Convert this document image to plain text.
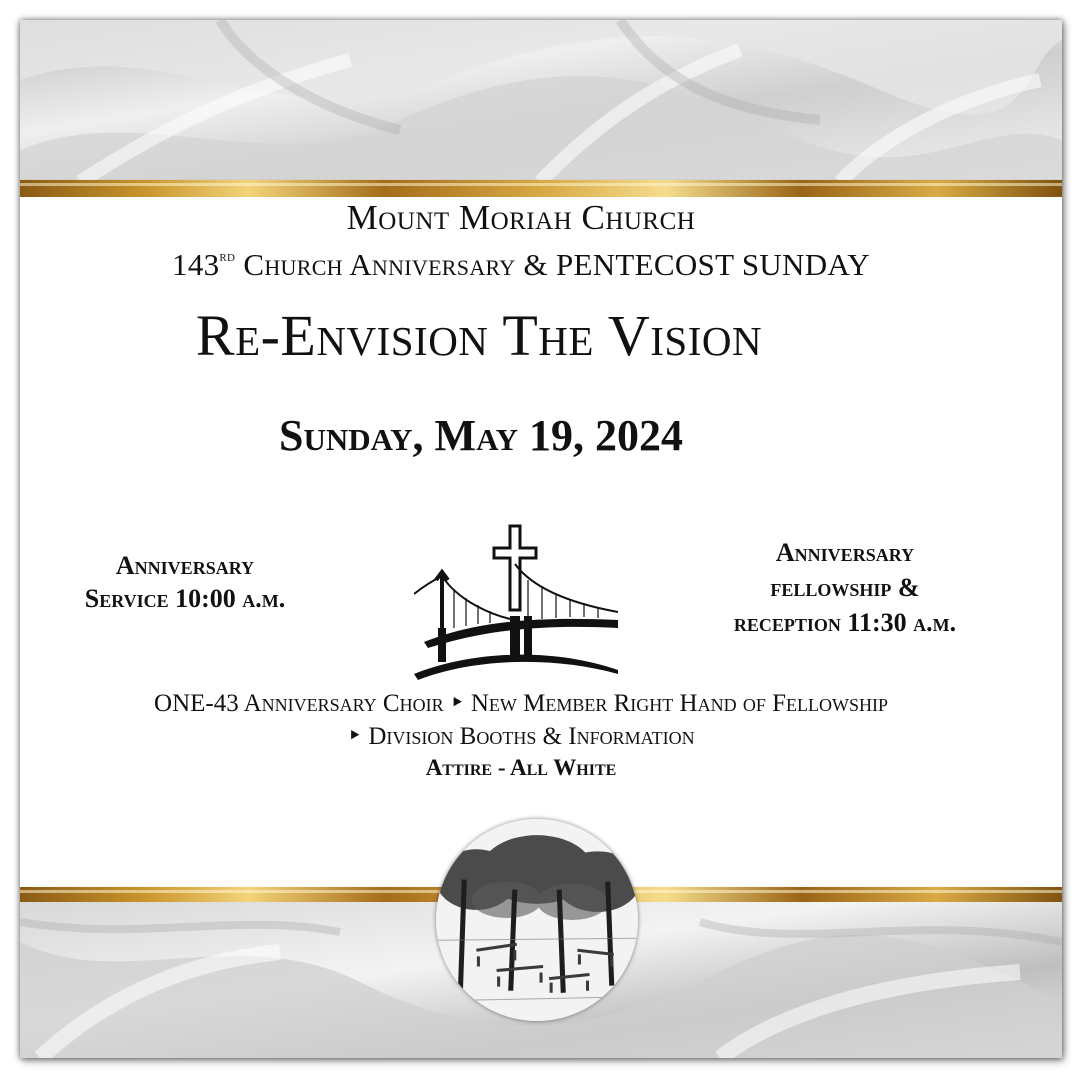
Mount Moriah Church
143rd Church Anniversary & PENTECOST SUNDAY
Re-Envision The Vision
Sunday, May 19, 2024
Anniversary
Service 10:00 a.m.
Anniversary
fellowship &
reception 11:30 a.m.
ONE-43 Anniversary Choir ‣ New Member Right Hand of Fellowship
‣ Division Booths & Information
Attire - All White
